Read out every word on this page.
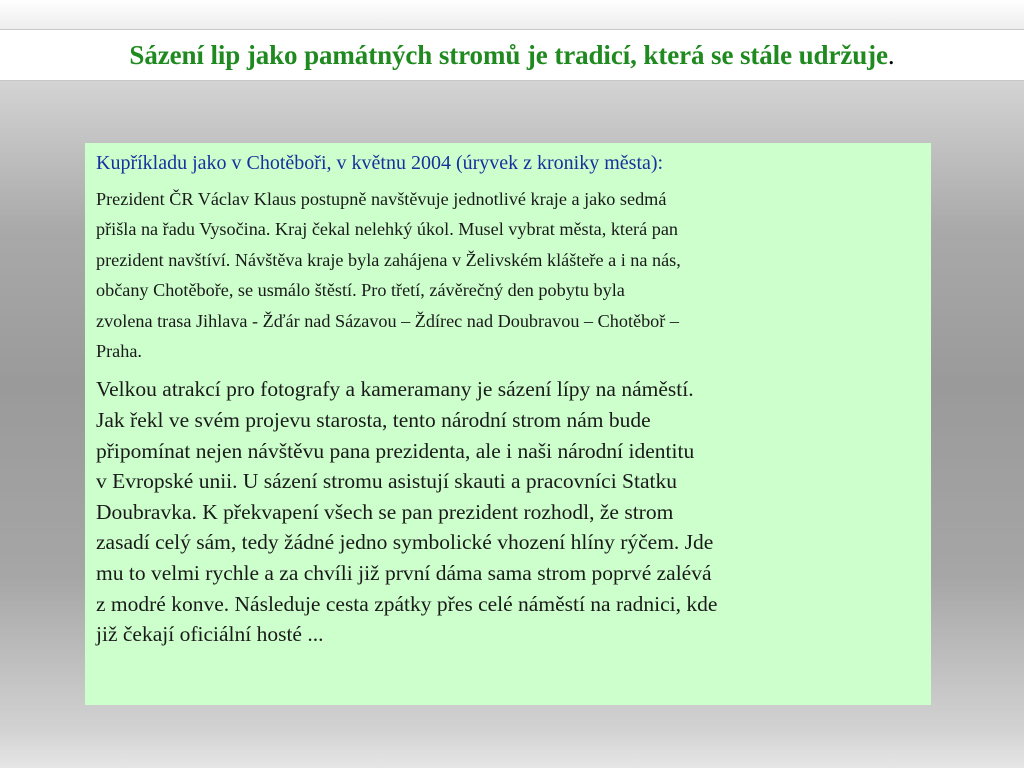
Sázení lip jako památných stromů je tradicí, která se stále udržuje.

Kupříkladu jako v Chotěboři, v květnu 2004 (úryvek z kroniky města):

Prezident ČR Václav Klaus postupně navštěvuje jednotlivé kraje a jako sedmá
přišla na řadu Vysočina. Kraj čekal nelehký úkol. Musel vybrat města, která pan
prezident navštíví. Návštěva kraje byla zahájena v Želivském klášteře a i na nás,
občany Chotěboře, se usmálo štěstí. Pro třetí, závěrečný den pobytu byla
zvolena trasa Jihlava - Žďár nad Sázavou – Ždírec nad Doubravou – Chotěboř –
Praha.

Velkou atrakcí pro fotografy a kameramany je sázení lípy na náměstí.
Jak řekl ve svém projevu starosta, tento národní strom nám bude
připomínat nejen návštěvu pana prezidenta, ale i naši národní identitu
v Evropské unii. U sázení stromu asistují skauti a pracovníci Statku
Doubravka. K překvapení všech se pan prezident rozhodl, že strom
zasadí celý sám, tedy žádné jedno symbolické vhození hlíny rýčem. Jde
mu to velmi rychle a za chvíli již první dáma sama strom poprvé zalévá
z modré konve. Následuje cesta zpátky přes celé náměstí na radnici, kde
již čekají oficiální hosté ...
